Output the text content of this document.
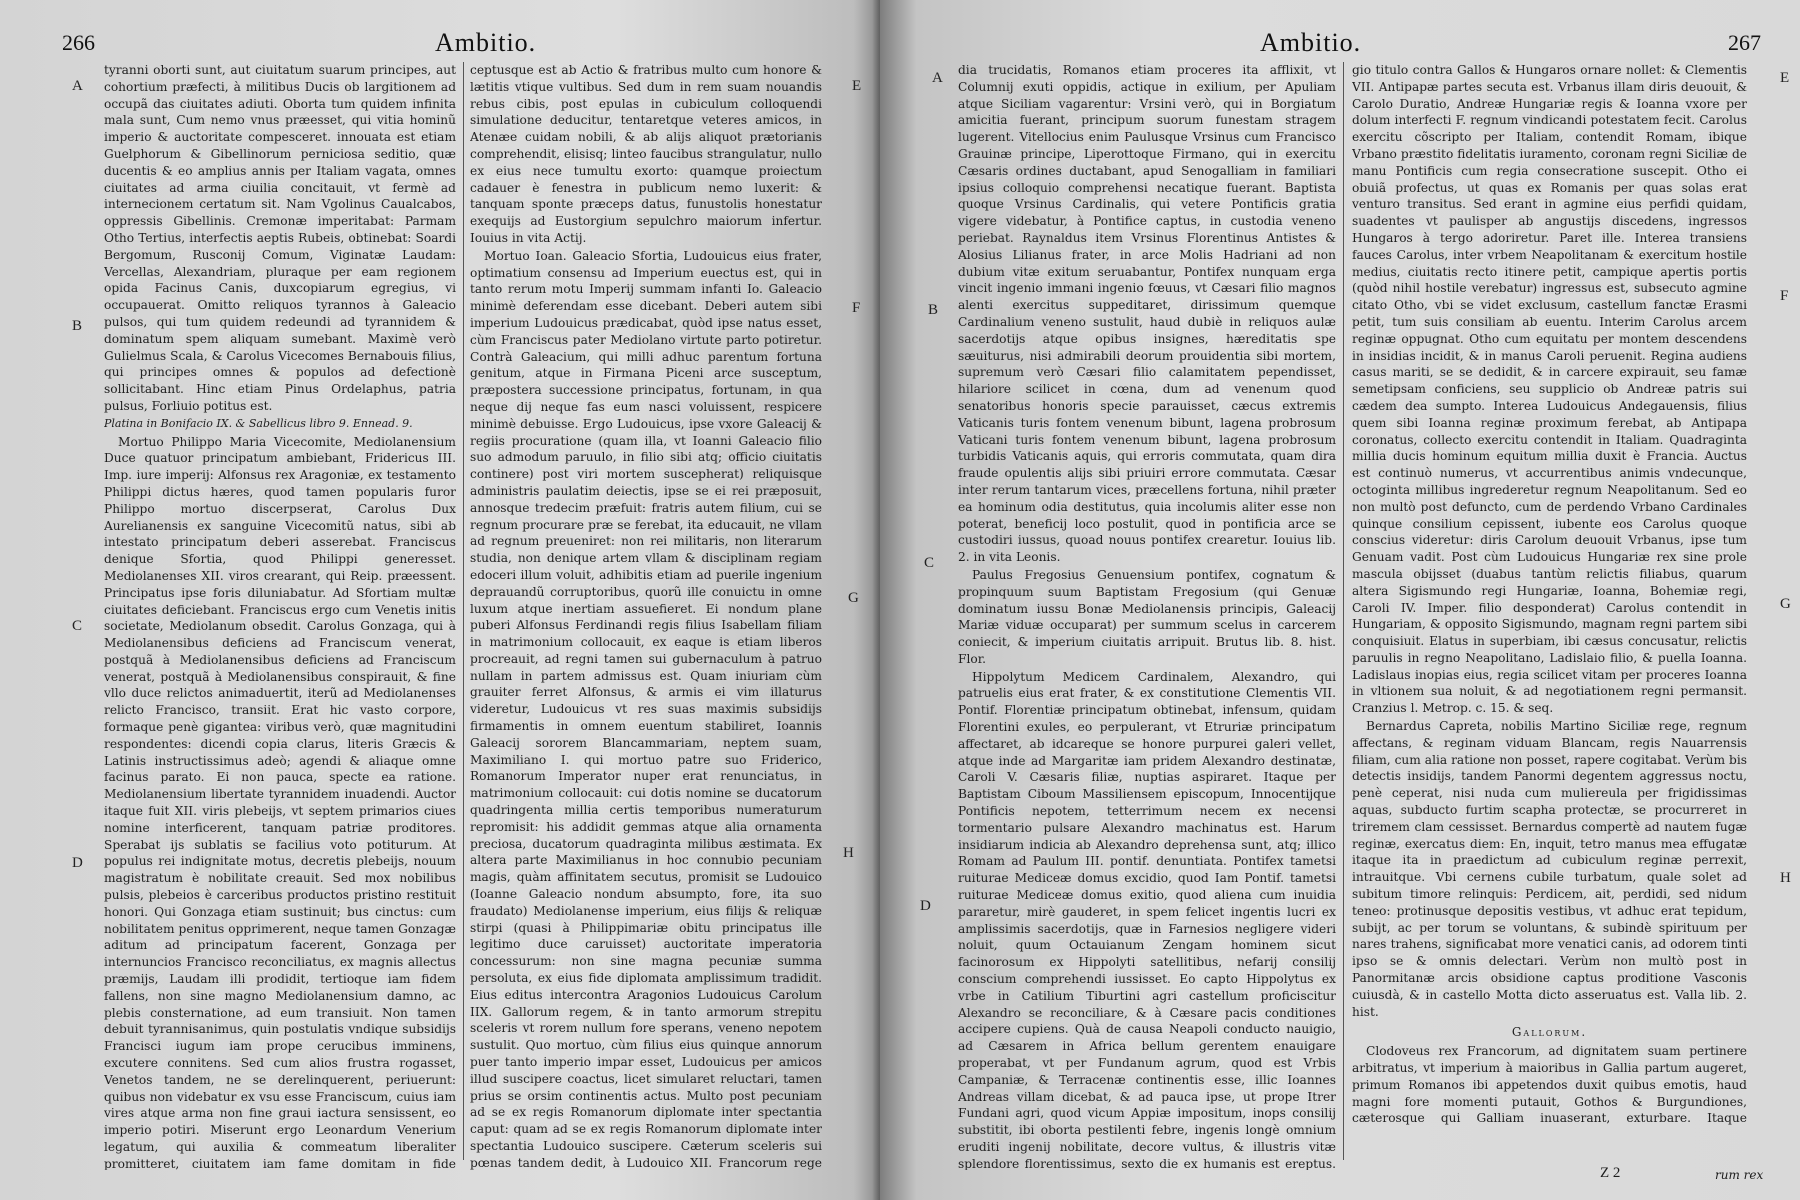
266	Ambitio.
A
B
C
D
E
F
G
H

tyranni oborti sunt, aut ciuitatum suarum principes, aut cohortium præfecti, à militibus Ducis ob largitionem ad occupã das ciuitates adiuti. Oborta tum quidem infinita mala sunt, Cum nemo vnus præesset, qui vitia hominũ imperio & auctoritate compesceret. innouata est etiam Guelphorum & Gibellinorum perniciosa seditio, quæ ducentis & eo amplius annis per Italiam vagata, omnes ciuitates ad arma ciuilia concitauit, vt fermè ad internecionem certatum sit. Nam Vgolinus Caualcabos, oppressis Gibellinis. Cremonæ imperitabat: Parmam Otho Tertius, interfectis aeptis Rubeis, obtinebat: Soardi Bergomum, Rusconij Comum, Viginatæ Laudam: Vercellas, Alexandriam, pluraque per eam regionem opida Facinus Canis, duxcopiarum egregius, vi occupauerat. Omitto reliquos tyrannos à Galeacio pulsos, qui tum quidem redeundi ad tyrannidem & dominatum spem aliquam sumebant. Maximè verò Gulielmus Scala, & Carolus Vicecomes Bernabouis filius, qui principes omnes & populos ad defectionè sollicitabant. Hinc etiam Pinus Ordelaphus, patria pulsus, Forliuio potitus est.

Platina in Bonifacio IX. & Sabellicus libro 9. Ennead. 9.

Mortuo Philippo Maria Vicecomite, Mediolanensium Duce quatuor principatum ambiebant, Fridericus III. Imp. iure imperij: Alfonsus rex Aragoniæ, ex testamento Philippi dictus hæres, quod tamen popularis furor Philippo mortuo discerpserat, Carolus Dux Aurelianensis ex sanguine Vicecomitũ natus, sibi ab intestato principatum deberi asserebat. Franciscus denique Sfortia, quod Philippi generesset. Mediolanenses XII. viros crearant, qui Reip. præessent. Principatus ipse foris diluniabatur. Ad Sfortiam multæ ciuitates deficiebant. Franciscus ergo cum Venetis initis societate, Mediolanum obsedit. Carolus Gonzaga, qui à Mediolanensibus deficiens ad Franciscum venerat, postquã à Mediolanensibus deficiens ad Franciscum venerat, postquã à Mediolanensibus conspirauit, & fine vllo duce relictos animaduertit, iterũ ad Mediolanenses relicto Francisco, transiit. Erat hic vasto corpore, formaque penè gigantea: viribus verò, quæ magnitudini respondentes: dicendi copia clarus, literis Græcis & Latinis instructissimus adeò; agendi & aliaque omne facinus parato. Ei non pauca, specte ea ratione. Mediolanensium libertate tyrannidem inuadendi. Auctor itaque fuit XII. viris plebeijs, vt septem primarios ciues nomine interficerent, tanquam patriæ proditores. Sperabat ijs sublatis se facilius voto potiturum. At populus rei indignitate motus, decretis plebeijs, nouum magistratum è nobilitate creauit. Sed mox nobilibus pulsis, plebeios è carceribus productos pristino restituit honori. Qui Gonzaga etiam sustinuit; bus cinctus: cum nobilitatem penitus opprimerent, neque tamen Gonzagæ aditum ad principatum facerent, Gonzaga per internuncios Francisco reconciliatus, ex magnis allectus præmijs, Laudam illi prodidit, tertioque iam fidem fallens, non sine magno Mediolanensium damno, ac plebis consternatione, ad eum transiuit. Non tamen debuit tyrannisanimus, quin postulatis vndique subsidijs Francisci iugum iam prope cerucibus imminens, excutere connitens. Sed cum alios frustra rogasset, Venetos tandem, ne se derelinquerent, periuerunt: quibus non videbatur ex vsu esse Franciscum, cuius iam vires atque arma non fine graui iactura sensissent, eo imperio potiri. Miserunt ergo Leonardum Venerium legatum, qui auxilia & commeatum liberaliter promitteret, ciuitatem iam fame domitam in fide

ceptusque est ab Actio & fratribus multo cum honore & lætitis vtique vultibus. Sed dum in rem suam nouandis rebus cibis, post epulas in cubiculum colloquendi simulatione deducitur, tentaretque veteres amicos, in Atenæe cuidam nobili, & ab alijs aliquot prætorianis comprehendit, elisisq; linteo faucibus strangulatur, nullo ex eius nece tumultu exorto: quamque proiectum cadauer è fenestra in publicum nemo luxerit: & tanquam sponte præceps datus, funustolis honestatur exequijs ad Eustorgium sepulchro maiorum infertur. Iouius in vita Actij.

Mortuo Ioan. Galeacio Sfortia, Ludouicus eius frater, optimatium consensu ad Imperium euectus est, qui in tanto rerum motu Imperij summam infanti Io. Galeacio minimè deferendam esse dicebant. Deberi autem sibi imperium Ludouicus prædicabat, quòd ipse natus esset, cùm Franciscus pater Mediolano virtute parto potiretur. Contrà Galeacium, qui milli adhuc parentum fortuna genitum, atque in Firmana Piceni arce susceptum, præpostera successione principatus, fortunam, in qua neque dij neque fas eum nasci voluissent, respicere minimè debuisse. Ergo Ludouicus, ipse vxore Galeacij & regiis procuratione (quam illa, vt Ioanni Galeacio filio suo admodum paruulo, in filio sibi atq; officio ciuitatis continere) post viri mortem suscepherat) reliquisque administris paulatim deiectis, ipse se ei rei præposuit, annosque tredecim præfuit: fratris autem filium, cui se regnum procurare præ se ferebat, ita educauit, ne vllam ad regnum preueniret: non rei militaris, non literarum studia, non denique artem vllam & disciplinam regiam edoceri illum voluit, adhibitis etiam ad puerile ingenium deprauandũ corruptoribus, quorũ ille conuictu in omne luxum atque inertiam assuefieret. Ei nondum plane puberi Alfonsus Ferdinandi regis filius Isabellam filiam in matrimonium collocauit, ex eaque is etiam liberos procreauit, ad regni tamen sui gubernaculum à patruo nullam in partem admissus est. Quam iniuriam cùm grauiter ferret Alfonsus, & armis ei vim illaturus videretur, Ludouicus vt res suas maximis subsidijs firmamentis in omnem euentum stabiliret, Ioannis Galeacij sororem Blancammariam, neptem suam, Maximiliano I. qui mortuo patre suo Friderico, Romanorum Imperator nuper erat renunciatus, in matrimonium collocauit: cui dotis nomine se ducatorum quadringenta millia certis temporibus numeraturum repromisit: his addidit gemmas atque alia ornamenta preciosa, ducatorum quadraginta milibus æstimata. Ex altera parte Maximilianus in hoc connubio pecuniam magis, quàm affinitatem secutus, promisit se Ludouico (Ioanne Galeacio nondum absumpto, fore, ita suo fraudato) Mediolanense imperium, eius filijs & reliquæ stirpi (quasi à Philippimariæ obitu principatus ille legitimo duce caruisset) auctoritate imperatoria concessurum: non sine magna pecuniæ summa persoluta, ex eius fide diplomata amplissimum tradidit. Eius editus intercontra Aragonios Ludouicus Carolum IIX. Gallorum regem, & in tanto armorum strepitu sceleris vt rorem nullum fore sperans, veneno nepotem sustulit. Quo mortuo, cùm filius eius quinque annorum puer tanto imperio impar esset, Ludouicus per amicos illud suscipere coactus, licet simularet reluctari, tamen prius se orsim continentis actus. Multo post pecuniam ad se ex regis Romanorum diplomate inter spectantia caput: quam ad se ex regis Romanorum diplomate inter spectantia Ludouico suscipere. Cæterum sceleris sui pœnas tandem dedit, à Ludouico XII. Francorum rege

Ambitio.	267
A
B
C
D
E
F
G
H

dia trucidatis, Romanos etiam proceres ita afflixit, vt Columnij exuti oppidis, actique in exilium, per Apuliam atque Siciliam vagarentur: Vrsini verò, qui in Borgiatum amicitia fuerant, principum suorum funestam stragem lugerent. Vitellocius enim Paulusque Vrsinus cum Francisco Grauinæ principe, Liperottoque Firmano, qui in exercitu Cæsaris ordines ductabant, apud Senogalliam in familiari ipsius colloquio comprehensi necatique fuerant. Baptista quoque Vrsinus Cardinalis, qui vetere Pontificis gratia vigere videbatur, à Pontifice captus, in custodia veneno periebat. Raynaldus item Vrsinus Florentinus Antistes & Alosius Lilianus frater, in arce Molis Hadriani ad non dubium vitæ exitum seruabantur, Pontifex nunquam erga vincit ingenio immani ingenio fœuus, vt Cæsari filio magnos alenti exercitus suppeditaret, dirissimum quemque Cardinalium veneno sustulit, haud dubiè in reliquos aulæ sacerdotijs atque opibus insignes, hæreditatis spe sæuiturus, nisi admirabili deorum prouidentia sibi mortem, supremum verò Cæsari filio calamitatem pependisset, hilariore scilicet in cœna, dum ad venenum quod senatoribus honoris specie parauisset, cæcus extremis Vaticanis turis fontem venenum bibunt, lagena probrosum Vaticani turis fontem venenum bibunt, lagena probrosum turbidis Vaticanis aquis, qui erroris commutata, quam dira fraude opulentis alijs sibi priuiri errore commutata. Cæsar inter rerum tantarum vices, præcellens fortuna, nihil præter ea hominum odia destitutus, quia incolumis aliter esse non poterat, beneficij loco postulit, quod in pontificia arce se custodiri iussus, quoad nouus pontifex crearetur. Iouius lib. 2. in vita Leonis.

Paulus Fregosius Genuensium pontifex, cognatum & propinquum suum Baptistam Fregosium (qui Genuæ dominatum iussu Bonæ Mediolanensis principis, Galeacij Mariæ viduæ occuparat) per summum scelus in carcerem coniecit, & imperium ciuitatis arripuit. Brutus lib. 8. hist. Flor.

Hippolytum Medicem Cardinalem, Alexandro, qui patruelis eius erat frater, & ex constitutione Clementis VII. Pontif. Florentiæ principatum obtinebat, infensum, quidam Florentini exules, eo perpulerant, vt Etruriæ principatum affectaret, ab idcareque se honore purpurei galeri vellet, atque inde ad Margaritæ iam pridem Alexandro destinatæ, Caroli V. Cæsaris filiæ, nuptias aspiraret. Itaque per Baptistam Ciboum Massiliensem episcopum, Innocentijque Pontificis nepotem, tetterrimum necem ex necensi tormentario pulsare Alexandro machinatus est. Harum insidiarum indicia ab Alexandro deprehensa sunt, atq; illico Romam ad Paulum III. pontif. denuntiata. Pontifex tametsi ruiturae Mediceæ domus excidio, quod Iam Pontif. tametsi ruiturae Mediceæ domus exitio, quod aliena cum inuidia pararetur, mirè gauderet, in spem felicet ingentis lucri ex amplissimis sacerdotijs, quæ in Farnesios negligere videri noluit, quum Octauianum Zengam hominem sicut facinorosum ex Hippolyti satellitibus, nefarij consilij conscium comprehendi iussisset. Eo capto Hippolytus ex vrbe in Catilium Tiburtini agri castellum proficiscitur Alexandro se reconciliare, & à Cæsare pacis conditiones accipere cupiens. Quà de causa Neapoli conducto nauigio, ad Cæsarem in Africa bellum gerentem enauigare properabat, vt per Fundanum agrum, quod est Vrbis Campaniæ, & Terracenæ continentis esse, illic Ioannes Andreas villam dicebat, & ad pauca ipse, ut prope Itrer Fundani agri, quod vicum Appiæ impositum, inops consilij substitit, ibi oborta pestilenti febre, ingenis longè omnium eruditi ingenij nobilitate, decore vultus, & illustris vitæ splendore florentissimus, sexto die ex humanis est ereptus.

gio titulo contra Gallos & Hungaros ornare nollet: & Clementis VII. Antipapæ partes secuta est. Vrbanus illam diris deuouit, & Carolo Duratio, Andreæ Hungariæ regis & Ioanna vxore per dolum interfecti F. regnum vindicandi potestatem fecit. Carolus exercitu cõscripto per Italiam, contendit Romam, ibique Vrbano præstito fidelitatis iuramento, coronam regni Siciliæ de manu Pontificis cum regia consecratione suscepit. Otho ei obuiã profectus, ut quas ex Romanis per quas solas erat venturo transitus. Sed erant in agmine eius perfidi quidam, suadentes vt paulisper ab angustijs discedens, ingressos Hungaros à tergo adoriretur. Paret ille. Interea transiens fauces Carolus, inter vrbem Neapolitanam & exercitum hostile medius, ciuitatis recto itinere petit, campique apertis portis (quòd nihil hostile verebatur) ingressus est, subsecuto agmine citato Otho, vbi se videt exclusum, castellum fanctæ Erasmi petit, tum suis consiliam ab euentu. Interim Carolus arcem reginæ oppugnat. Otho cum equitatu per montem descendens in insidias incidit, & in manus Caroli peruenit. Regina audiens casus mariti, se se dedidit, & in carcere expirauit, seu famæ semetipsam conficiens, seu supplicio ob Andreæ patris sui cædem dea sumpto. Interea Ludouicus Andegauensis, filius quem sibi Ioanna reginæ proximum ferebat, ab Antipapa coronatus, collecto exercitu contendit in Italiam. Quadraginta millia ducis hominum equitum millia duxit è Francia. Auctus est continuò numerus, vt accurrentibus animis vndecunque, octoginta millibus ingrederetur regnum Neapolitanum. Sed eo non multò post defuncto, cum de perdendo Vrbano Cardinales quinque consilium cepissent, iubente eos Carolus quoque conscius videretur: diris Carolum deuouit Vrbanus, ipse tum Genuam vadit. Post cùm Ludouicus Hungariæ rex sine prole mascula obijsset (duabus tantùm relictis filiabus, quarum altera Sigismundo regi Hungariæ, Ioanna, Bohemiæ regi, Caroli IV. Imper. filio desponderat) Carolus contendit in Hungariam, & opposito Sigismundo, magnam regni partem sibi conquisiuit. Elatus in superbiam, ibi cæsus concusatur, relictis paruulis in regno Neapolitano, Ladislaio filio, & puella Ioanna. Ladislaus inopias eius, regia scilicet vitam per proceres Ioanna in vltionem sua noluit, & ad negotiationem regni permansit. Cranzius l. Metrop. c. 15. & seq.

Bernardus Capreta, nobilis Martino Siciliæ rege, regnum affectans, & reginam viduam Blancam, regis Nauarrensis filiam, cum alia ratione non posset, rapere cogitabat. Verùm bis detectis insidijs, tandem Panormi degentem aggressus noctu, penè ceperat, nisi nuda cum muliereula per frigidissimas aquas, subducto furtim scapha protectæ, se procurreret in triremem clam cessisset. Bernardus compertè ad nautem fugæ reginæ, exercatus diem: En, inquit, tetro manus mea effugatæ itaque ita in praedictum ad cubiculum reginæ perrexit, intrauitque. Vbi cernens cubile turbatum, quale solet ad subitum timore relinquis: Perdicem, ait, perdidi, sed nidum teneo: protinusque depositis vestibus, vt adhuc erat tepidum, subijt, ac per torum se voluntans, & subindè spirituum per nares trahens, significabat more venatici canis, ad odorem tinti ipso se & omnis delectari. Verùm non multò post in Panormitanæ arcis obsidione captus proditione Vasconis cuiusdà, & in castello Motta dicto asseruatus est. Valla lib. 2. hist.

Gallorum.

Clodoveus rex Francorum, ad dignitatem suam pertinere arbitratus, vt imperium à maioribus in Gallia partum augeret, primum Romanos ibi appetendos duxit quibus emotis, haud magni fore momenti putauit, Gothos & Burgundiones, cæterosque qui Galliam inuaserant, exturbare. Itaque

Z 2	rum rex
